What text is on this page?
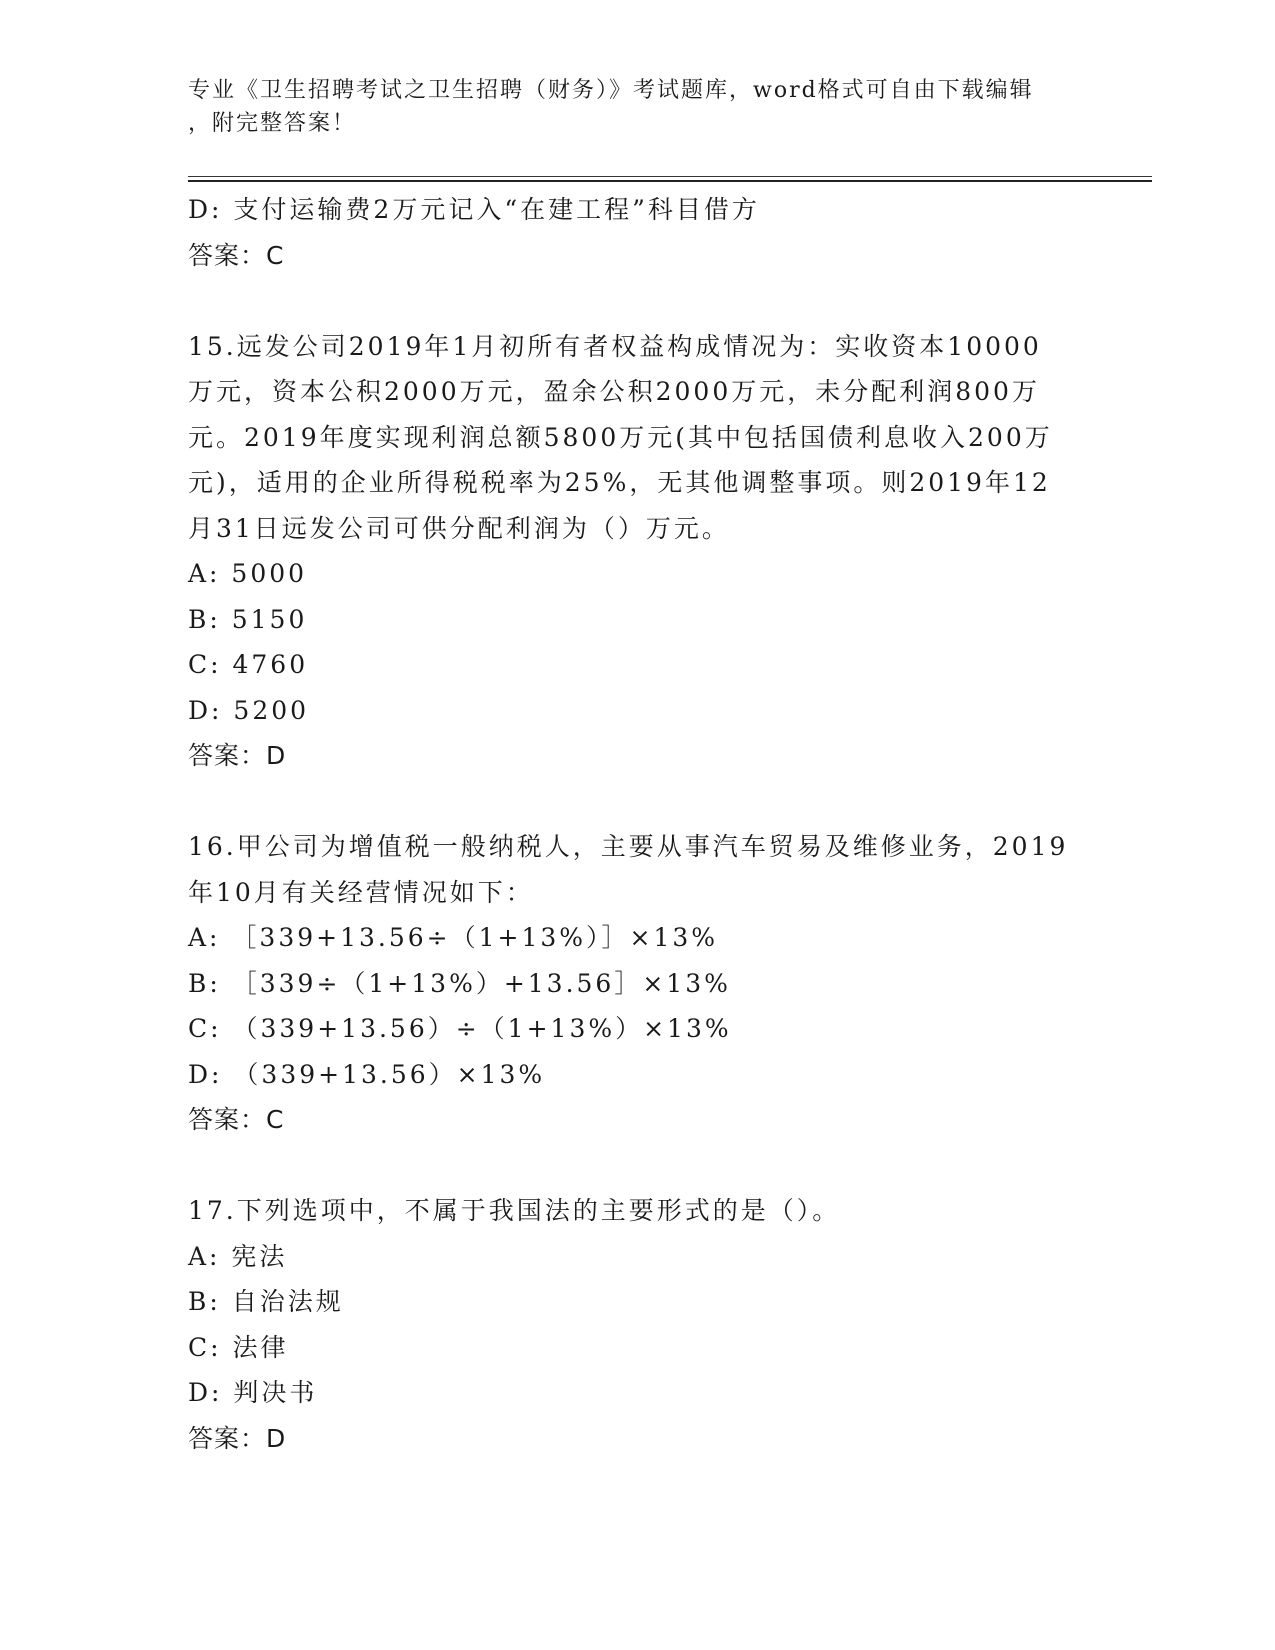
专业《卫生招聘考试之卫生招聘（财务）》考试题库，word格式可自由下载编辑
，附完整答案！
D: 支付运输费2万元记入“在建工程”科目借方
答案：C
15.远发公司2019年1月初所有者权益构成情况为：实收资本10000
万元，资本公积2000万元，盈余公积2000万元，未分配利润800万
元。2019年度实现利润总额5800万元(其中包括国债利息收入200万
元)，适用的企业所得税税率为25%，无其他调整事项。则2019年12
月31日远发公司可供分配利润为（）万元。
A: 5000
B: 5150
C: 4760
D: 5200
答案：D
16.甲公司为增值税一般纳税人，主要从事汽车贸易及维修业务，2019
年10月有关经营情况如下：
A: ［339+13.56÷（1+13%）］×13%
B: ［339÷（1+13%）+13.56］×13%
C: （339+13.56）÷（1+13%）×13%
D: （339+13.56）×13%
答案：C
17.下列选项中，不属于我国法的主要形式的是（）。
A: 宪法
B: 自治法规
C: 法律
D: 判决书
答案：D
